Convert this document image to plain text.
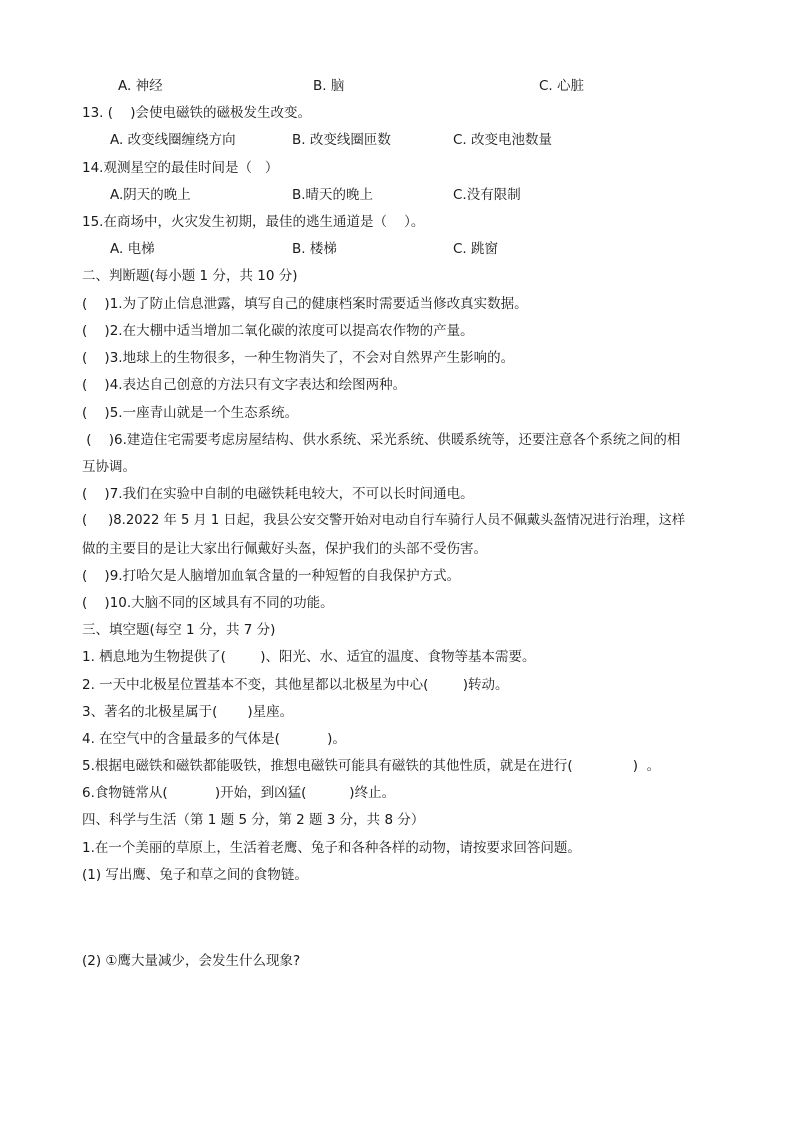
A. 神经	B. 脑	C. 心脏
13. (    )会使电磁铁的磁极发生改变。
A. 改变线圈缠绕方向	B. 改变线圈匝数	C. 改变电池数量
14.观测星空的最佳时间是（   ）
A.阴天的晚上	B.晴天的晚上	C.没有限制
15.在商场中，火灾发生初期，最佳的逃生通道是（    ）。
A. 电梯	B. 楼梯	C. 跳窗
二、判断题(每小题 1 分，共 10 分)
(    )1.为了防止信息泄露，填写自己的健康档案时需要适当修改真实数据。
(    )2.在大棚中适当增加二氧化碳的浓度可以提高农作物的产量。
(    )3.地球上的生物很多，一种生物消失了，不会对自然界产生影响的。
(    )4.表达自己创意的方法只有文字表达和绘图两种。
(    )5.一座青山就是一个生态系统。
(    )6.建造住宅需要考虑房屋结构、供水系统、采光系统、供暖系统等，还要注意各个系统之间的相
互协调。
(    )7.我们在实验中自制的电磁铁耗电较大，不可以长时间通电。
(     )8.2022 年 5 月 1 日起，我县公安交警开始对电动自行车骑行人员不佩戴头盔情况进行治理，这样
做的主要目的是让大家出行佩戴好头盔，保护我们的头部不受伤害。
(    )9.打哈欠是人脑增加血氧含量的一种短暂的自我保护方式。
(    )10.大脑不同的区域具有不同的功能。
三、填空题(每空 1 分，共 7 分)
1. 栖息地为生物提供了(        )、阳光、水、适宜的温度、食物等基本需要。
2. 一天中北极星位置基本不变，其他星都以北极星为中心(        )转动。
3、著名的北极星属于(       )星座。
4. 在空气中的含量最多的气体是(           )。
5.根据电磁铁和磁铁都能吸铁，推想电磁铁可能具有磁铁的其他性质，就是在进行(              )  。
6.食物链常从(           )开始，到凶猛(          )终止。
四、科学与生活（第 1 题 5 分，第 2 题 3 分，共 8 分）
1.在一个美丽的草原上，生活着老鹰、兔子和各种各样的动物，请按要求回答问题。
(1) 写出鹰、兔子和草之间的食物链。
(2) ①鹰大量减少，会发生什么现象?
